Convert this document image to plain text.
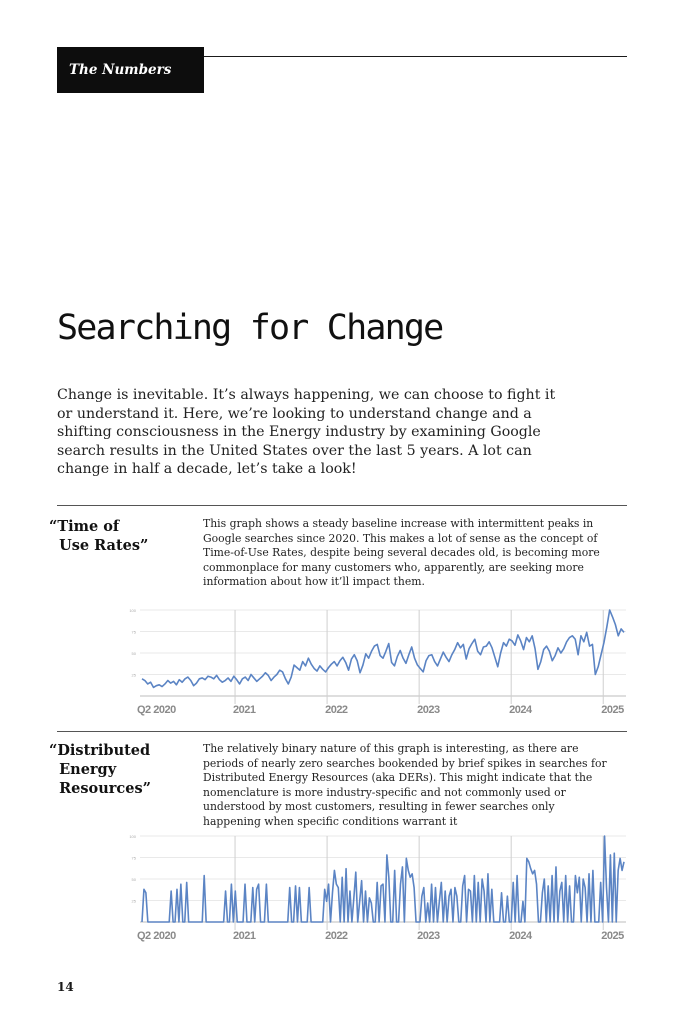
The Numbers
Searching for Change

Change is inevitable. It’s always happening, we can choose to fight it or understand it. Here, we’re looking to understand change and a shifting consciousness in the Energy industry by examining Google search results in the United States over the last 5 years. A lot can change in half a decade, let’s take a look!

“Time of
Use Rates”

This graph shows a steady baseline increase with intermittent peaks in Google searches since 2020. This makes a lot of sense as the concept of Time-of-Use Rates, despite being several decades old, is becoming more commonplace for many customers who, apparently, are seeking more information about how it’ll impact them.

100
75
50
25
Q2 2020	2021	2022	2023	2024	2025

“Distributed
Energy
Resources”

The relatively binary nature of this graph is interesting, as there are periods of nearly zero searches bookended by brief spikes in searches for Distributed Energy Resources (aka DERs). This might indicate that the nomenclature is more industry-specific and not commonly used or understood by most customers, resulting in fewer searches only happening when specific conditions warrant it

100
75
50
25
Q2 2020	2021	2022	2023	2024	2025
14
